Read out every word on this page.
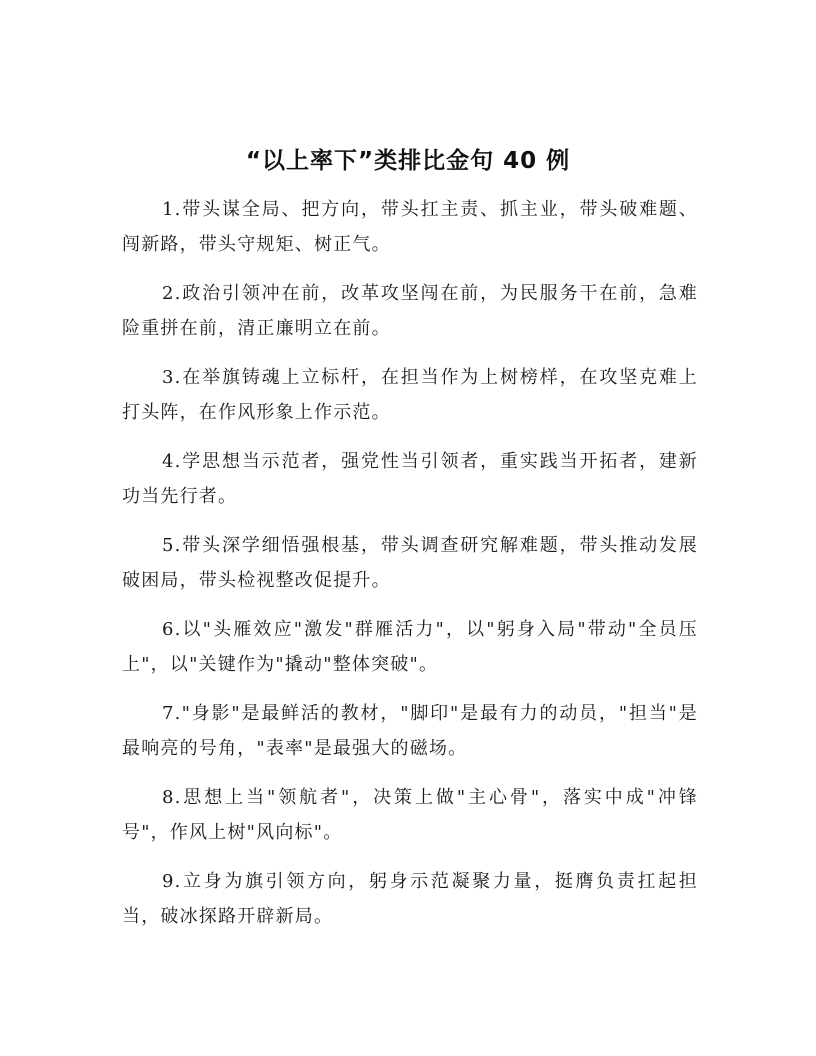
“以上率下”类排比金句 40 例

1.带头谋全局、把方向，带头扛主责、抓主业，带头破难题、闯新路，带头守规矩、树正气。

2.政治引领冲在前，改革攻坚闯在前，为民服务干在前，急难险重拼在前，清正廉明立在前。

3.在举旗铸魂上立标杆，在担当作为上树榜样，在攻坚克难上打头阵，在作风形象上作示范。

4.学思想当示范者，强党性当引领者，重实践当开拓者，建新功当先行者。

5.带头深学细悟强根基，带头调查研究解难题，带头推动发展破困局，带头检视整改促提升。

6.以"头雁效应"激发"群雁活力"，以"躬身入局"带动"全员压上"，以"关键作为"撬动"整体突破"。

7."身影"是最鲜活的教材，"脚印"是最有力的动员，"担当"是最响亮的号角，"表率"是最强大的磁场。

8.思想上当"领航者"，决策上做"主心骨"，落实中成"冲锋号"，作风上树"风向标"。

9.立身为旗引领方向，躬身示范凝聚力量，挺膺负责扛起担当，破冰探路开辟新局。
